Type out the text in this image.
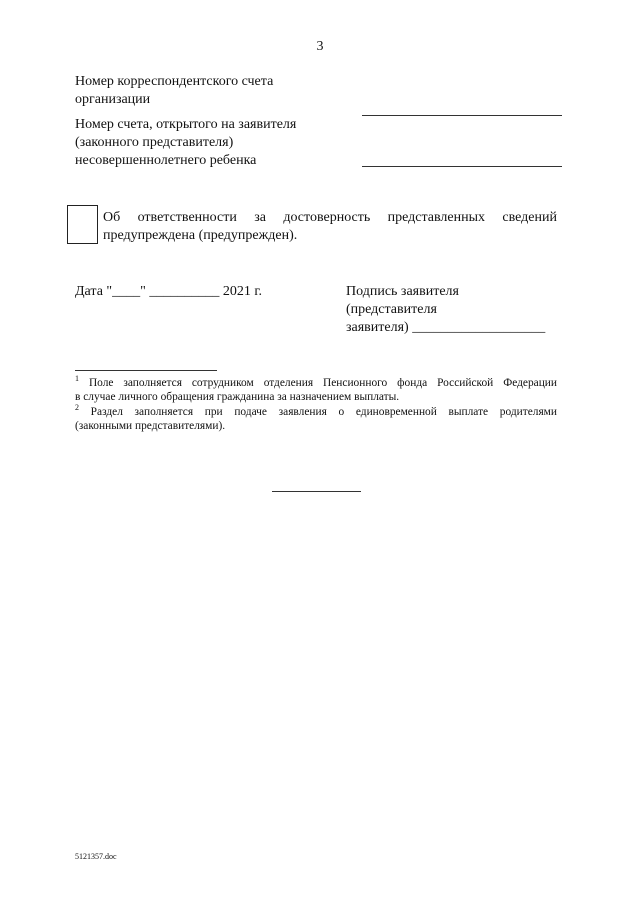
3
Номер корреспондентского счета
организации
Номер счета, открытого на заявителя
(законного представителя)
несовершеннолетнего ребенка
Об ответственности за достоверность представленных сведений
предупреждена (предупрежден).
Дата "____" __________ 2021 г.	Подпись заявителя
(представителя
заявителя) ___________________
$^1$ Поле заполняется сотрудником отделения Пенсионного фонда Российской Федерации
в случае личного обращения гражданина за назначением выплаты.
$^2$ Раздел заполняется при подаче заявления о единовременной выплате родителями
(законными представителями).
5121357.doc
